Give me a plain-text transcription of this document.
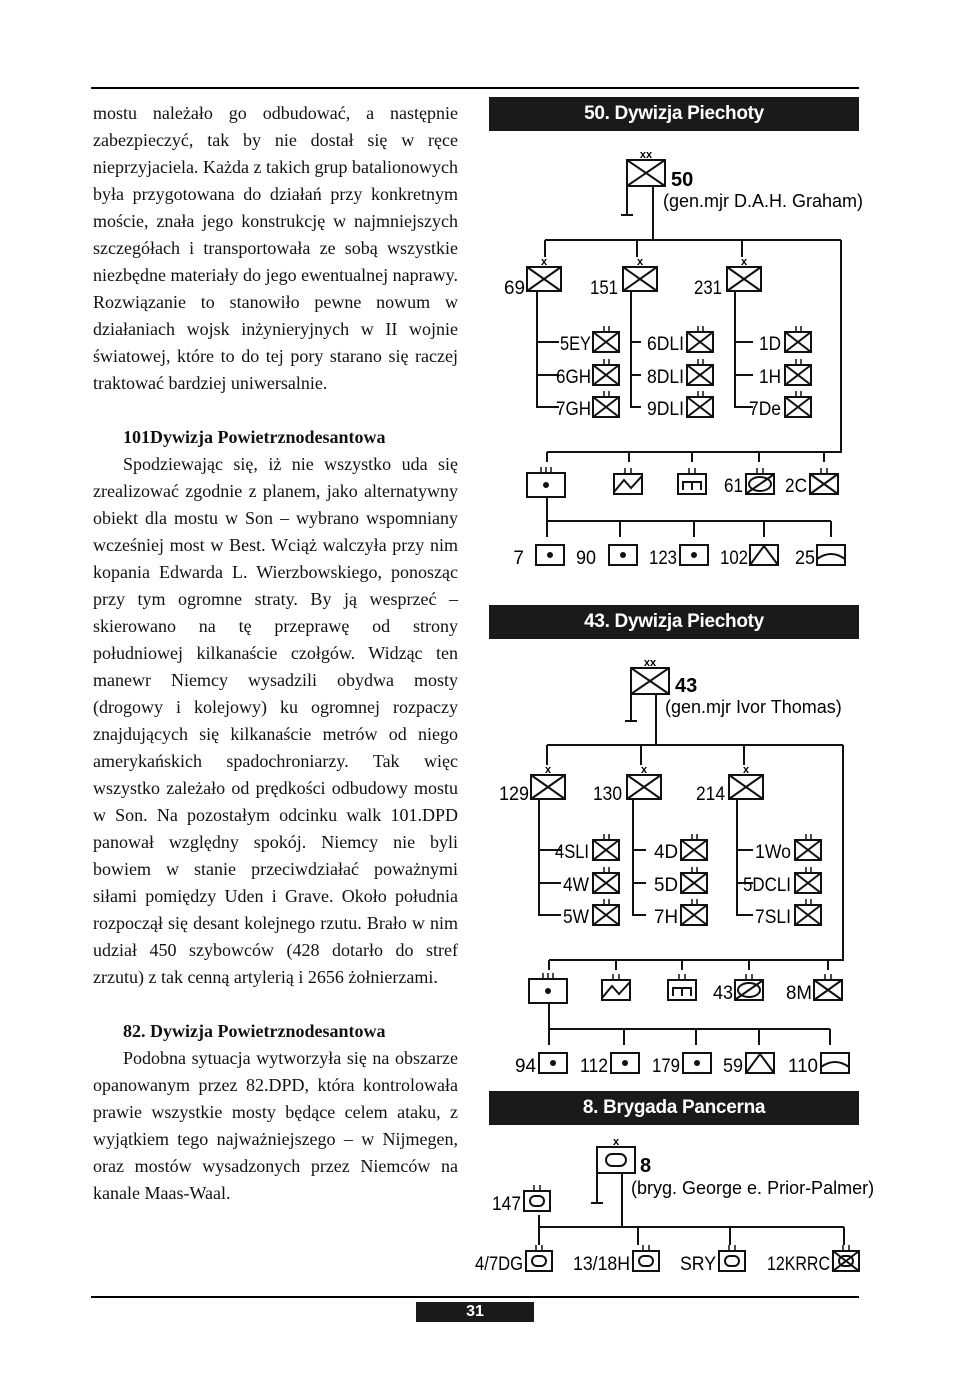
mostu należało go odbudować, a następnie zabezpieczyć, tak by nie dostał się w ręce nieprzyjaciela. Każda z takich grup batalionowych była przygotowana do działań przy konkretnym moście, znała jego konstrukcję w najmniejszych szczegółach i transportowała ze sobą wszystkie niezbędne materiały do jego ewentualnej naprawy. Rozwiązanie to stanowiło pewne nowum w działaniach wojsk inżynieryjnych w II wojnie światowej, które to do tej pory starano się raczej traktować bardziej uniwersalnie.

101Dywizja Powietrznodesantowa

Spodziewając się, iż nie wszystko uda się zrealizować zgodnie z planem, jako alternatywny obiekt dla mostu w Son – wybrano wspomniany wcześniej most w Best. Wciąż walczyła przy nim kopania Edwarda L. Wierzbowskiego, ponosząc przy tym ogromne straty. By ją wesprzeć – skierowano na tę przeprawę od strony południowej kilkanaście czołgów. Widząc ten manewr Niemcy wysadzili obydwa mosty (drogowy i kolejowy) ku ogromnej rozpaczy znajdujących się kilkanaście metrów od niego amerykańskich spadochroniarzy. Tak więc wszystko zależało od prędkości odbudowy mostu w Son. Na pozostałym odcinku walk 101.DPD panował względny spokój. Niemcy nie byli bowiem w stanie przeciwdziałać poważnymi siłami pomiędzy Uden i Grave. Około południa rozpoczął się desant kolejnego rzutu. Brało w nim udział 450 szybowców (428 dotarło do stref zrzutu) z tak cenną artylerią i 2656 żołnierzami.

82. Dywizja Powietrznodesantowa

Podobna sytuacja wytworzyła się na obszarze opanowanym przez 82.DPD, która kontrolowała prawie wszystkie mosty będące celem ataku, z wyjątkiem tego najważniejszego – w Nijmegen, oraz mostów wysadzonych przez Niemców na kanale Maas-Waal.

50. Dywizja Piechoty
xx
50
(gen.mjr D.A.H. Graham)
x	x	x
69	151	231
5EY
6GH
7GH
6DLI
8DLI
9DLI
1D
1H
7De
61 2C
7	90	123 102 25
43. Dywizja Piechoty
xx
43
(gen.mjr Ivor Thomas)
x	x	x
129	130	214
4SLI
4W
5W
4D
5D
7H
1Wo
5DCLI
7SLI
43	8M
94 112 179 59 110
8. Brygada Pancerna
x
8
(bryg. George e. Prior-Palmer)
147
4/7DG	13/18H	SRY	12KRRC
31
